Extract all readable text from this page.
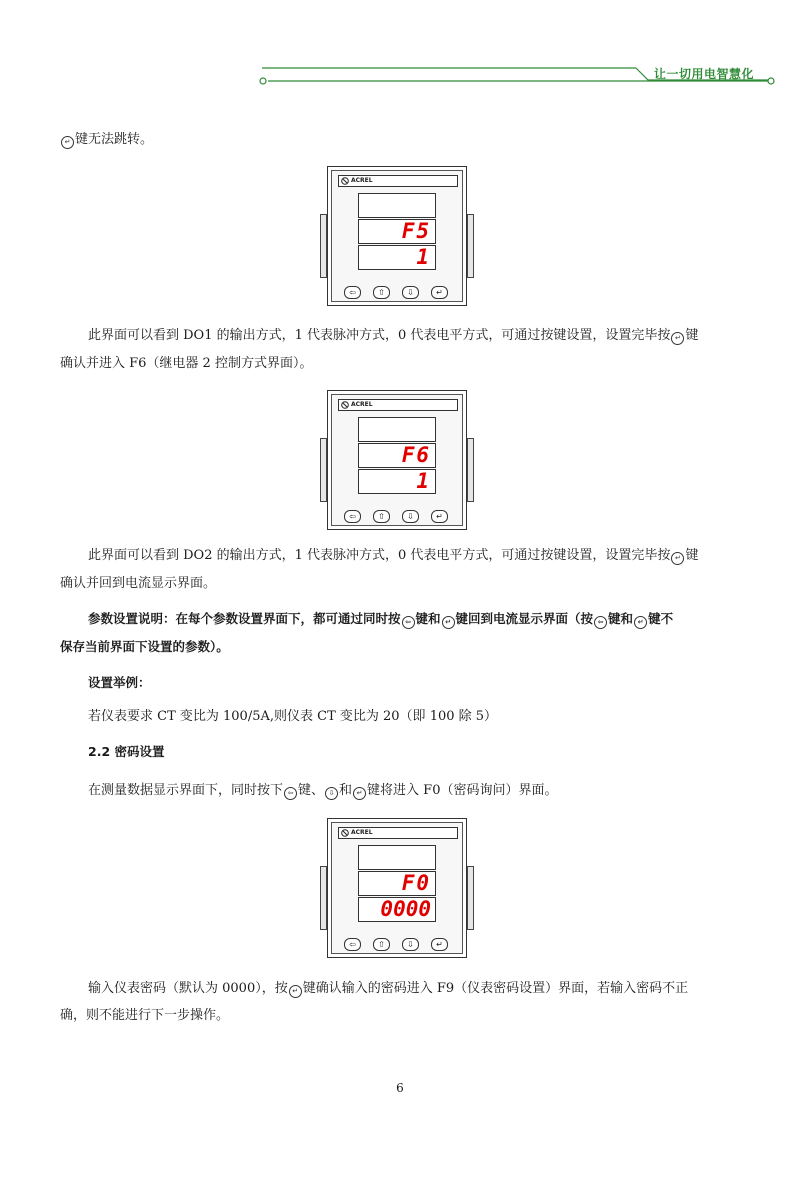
让一切用电智慧化
↵ 键无法跳转。
ACREL
F5
1
⇦	⇧	⇩	↵
此界面可以看到 DO1 的输出方式，1 代表脉冲方式，0 代表电平方式，可通过按键设置，设置完毕按 ↵ 键
确认并进入 F6（继电器 2 控制方式界面）。
ACREL
F6
1
⇦	⇧	⇩	↵
此界面可以看到 DO2 的输出方式，1 代表脉冲方式，0 代表电平方式，可通过按键设置，设置完毕按 ↵ 键
确认并回到电流显示界面。
参数设置说明：在每个参数设置界面下，都可通过同时按 ⇦ 键和 ↵ 键回到电流显示界面（按 ⇦ 键和 ↵ 键不
保存当前界面下设置的参数）。
设置举例：
若仪表要求 CT 变比为 100/5A,则仪表 CT 变比为 20（即 100 除 5）
2.2 密码设置
在测量数据显示界面下，同时按下 ⇦ 键、 ⇩ 和 ↵ 键将进入 F0（密码询问）界面。
ACREL
F0
0000
⇦	⇧	⇩	↵
输入仪表密码（默认为 0000），按 ↵ 键确认输入的密码进入 F9（仪表密码设置）界面，若输入密码不正
确，则不能进行下一步操作。
6
